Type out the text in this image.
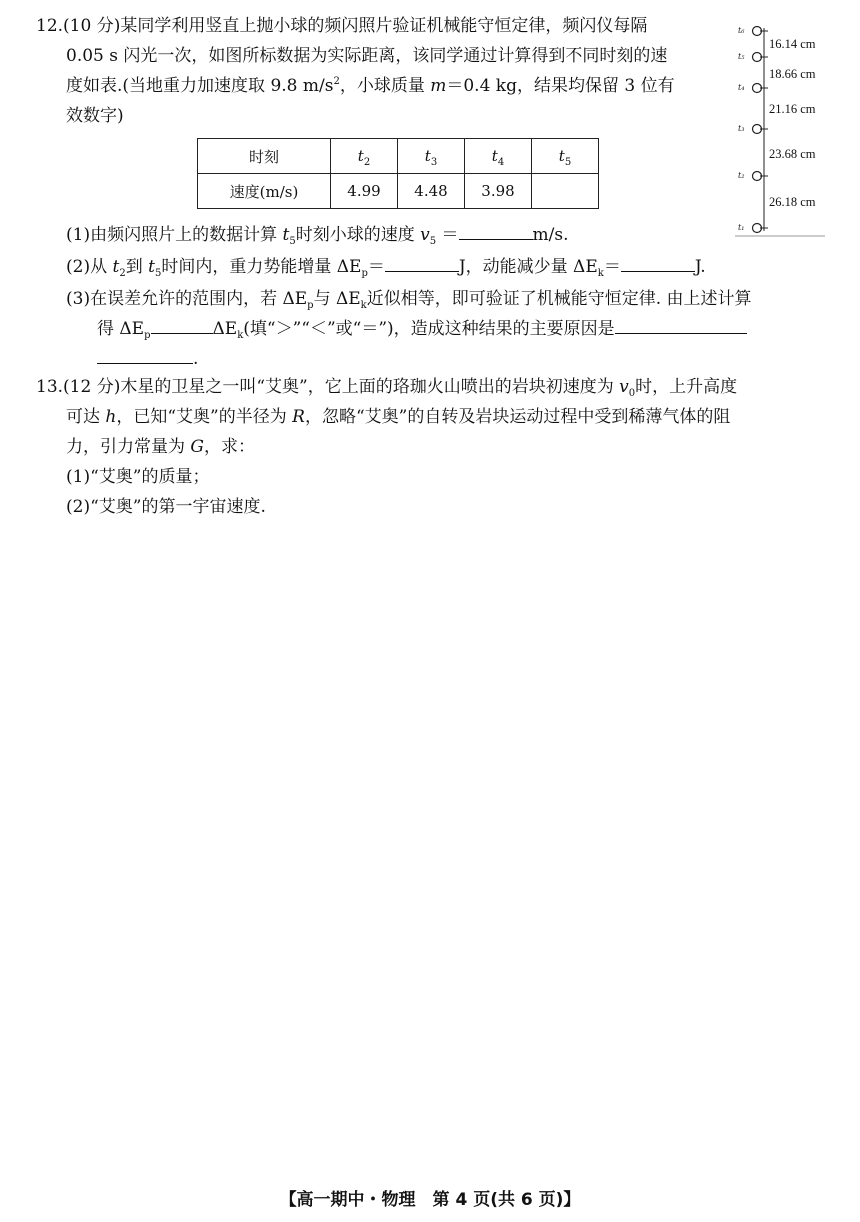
12.(10 分)某同学利用竖直上抛小球的频闪照片验证机械能守恒定律，频闪仪每隔
0.05 s 闪光一次，如图所标数据为实际距离，该同学通过计算得到不同时刻的速
度如表.(当地重力加速度取 9.8 $m/s^2$，小球质量 m＝0.4 kg，结果均保留 3 位有
效数字)
时刻	$t_2$	$t_3$	$t_4$	$t_5$
速度(m/s)	4.99	4.48	3.98	
(1)由频闪照片上的数据计算 $t_5$时刻小球的速度 $v_5$ ＝	m/s.
(2)从 $t_2$到 $t_5$时间内，重力势能增量 $\Delta E_p=$	J，动能减少量 $\Delta E_k=$	J.
(3)在误差允许的范围内，若 $\Delta E_p$与 $\Delta E_k$近似相等，即可验证了机械能守恒定律. 由上述计算
得 $\Delta E_p$	$\Delta E_k$(填“＞”“＜”或“＝”)，造成这种结果的主要原因是
.
t₆
t₅
t₄
t₃
t₂
t₁
16.14 cm
18.66 cm
21.16 cm
23.68 cm
26.18 cm
13.(12 分)木星的卫星之一叫“艾奥”，它上面的珞珈火山喷出的岩块初速度为 $v_0$时，上升高度
可达 h，已知“艾奥”的半径为 R，忽略“艾奥”的自转及岩块运动过程中受到稀薄气体的阻
力，引力常量为 G，求：
(1)“艾奥”的质量；
(2)“艾奥”的第一宇宙速度.
【高一期中・物理　第 4 页(共 6 页)】
